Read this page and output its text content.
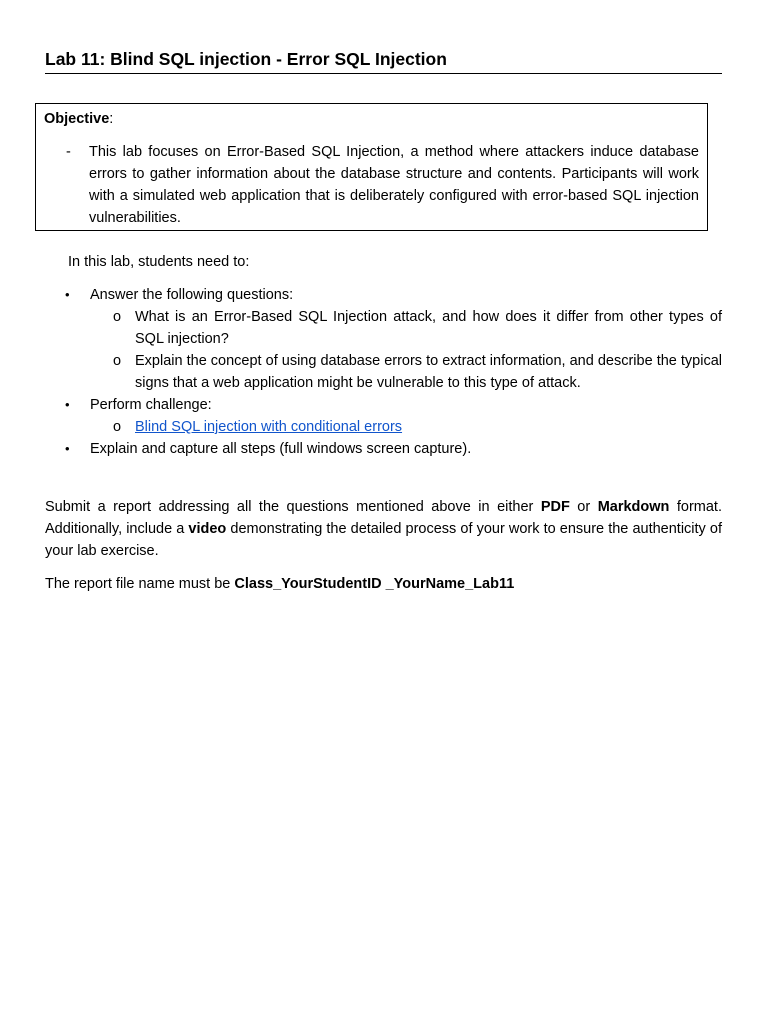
Lab 11: Blind SQL injection - Error SQL Injection
Objective:
- This lab focuses on Error-Based SQL Injection, a method where attackers induce database errors to gather information about the database structure and contents. Participants will work with a simulated web application that is deliberately configured with error-based SQL injection vulnerabilities.
In this lab, students need to:
• Answer the following questions:
o What is an Error-Based SQL Injection attack, and how does it differ from other types of SQL injection?
o Explain the concept of using database errors to extract information, and describe the typical signs that a web application might be vulnerable to this type of attack.
• Perform challenge:
o Blind SQL injection with conditional errors
• Explain and capture all steps (full windows screen capture).
Submit a report addressing all the questions mentioned above in either PDF or Markdown format. Additionally, include a video demonstrating the detailed process of your work to ensure the authenticity of your lab exercise.
The report file name must be Class_YourStudentID _YourName_Lab11
